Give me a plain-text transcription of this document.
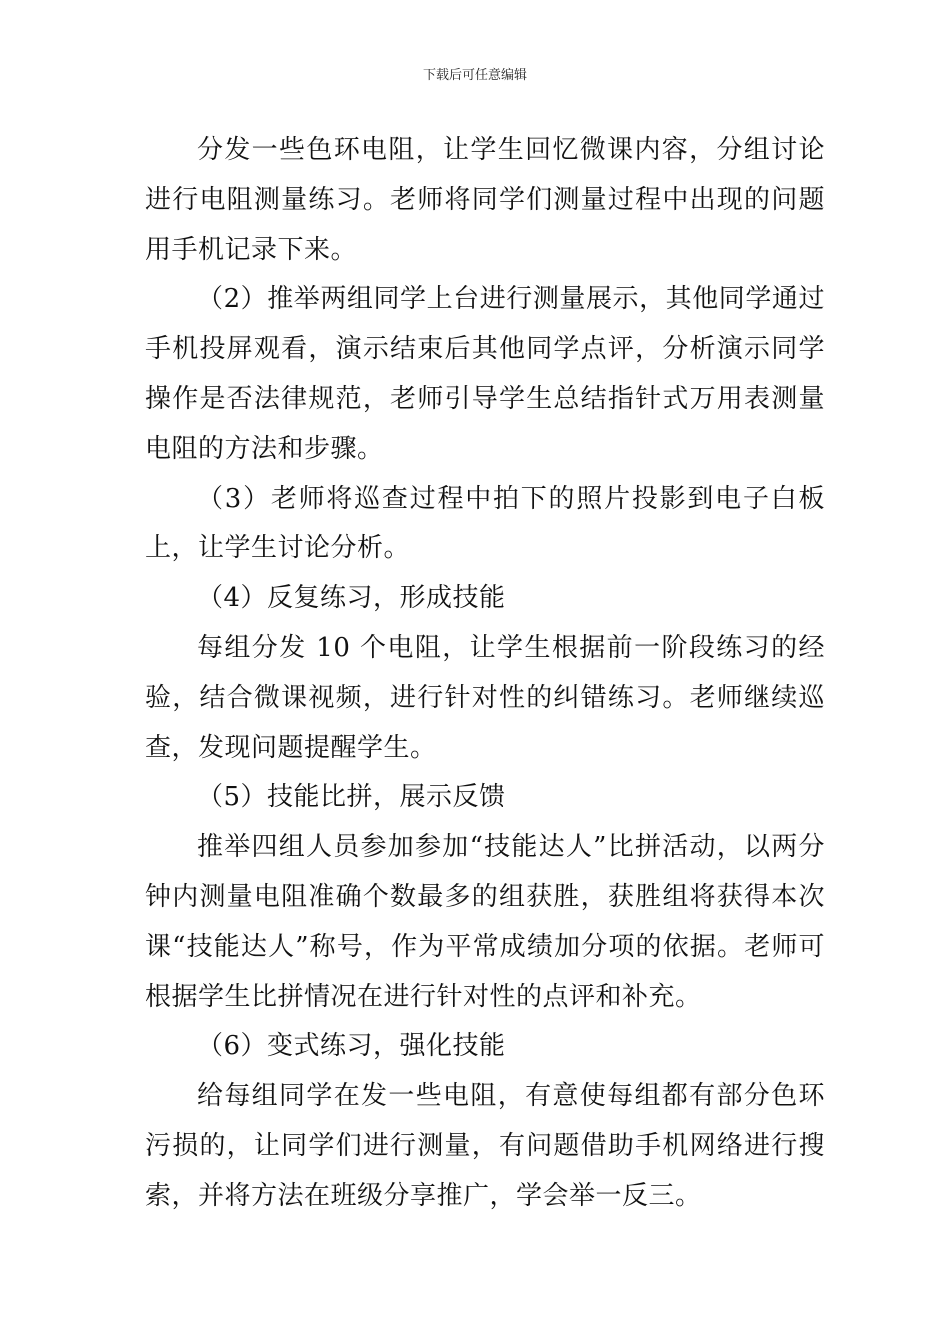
下载后可任意编辑

分发一些色环电阻，让学生回忆微课内容，分组讨论进行电阻测量练习。老师将同学们测量过程中出现的问题用手机记录下来。

（2）推举两组同学上台进行测量展示，其他同学通过手机投屏观看，演示结束后其他同学点评，分析演示同学操作是否法律规范，老师引导学生总结指针式万用表测量电阻的方法和步骤。

（3）老师将巡查过程中拍下的照片投影到电子白板上，让学生讨论分析。

（4）反复练习，形成技能

每组分发 10 个电阻，让学生根据前一阶段练习的经验，结合微课视频，进行针对性的纠错练习。老师继续巡查，发现问题提醒学生。

（5）技能比拼，展示反馈

推举四组人员参加参加“技能达人”比拼活动，以两分钟内测量电阻准确个数最多的组获胜，获胜组将获得本次课“技能达人”称号，作为平常成绩加分项的依据。老师可根据学生比拼情况在进行针对性的点评和补充。

（6）变式练习，强化技能

给每组同学在发一些电阻，有意使每组都有部分色环污损的，让同学们进行测量，有问题借助手机网络进行搜索，并将方法在班级分享推广，学会举一反三。
